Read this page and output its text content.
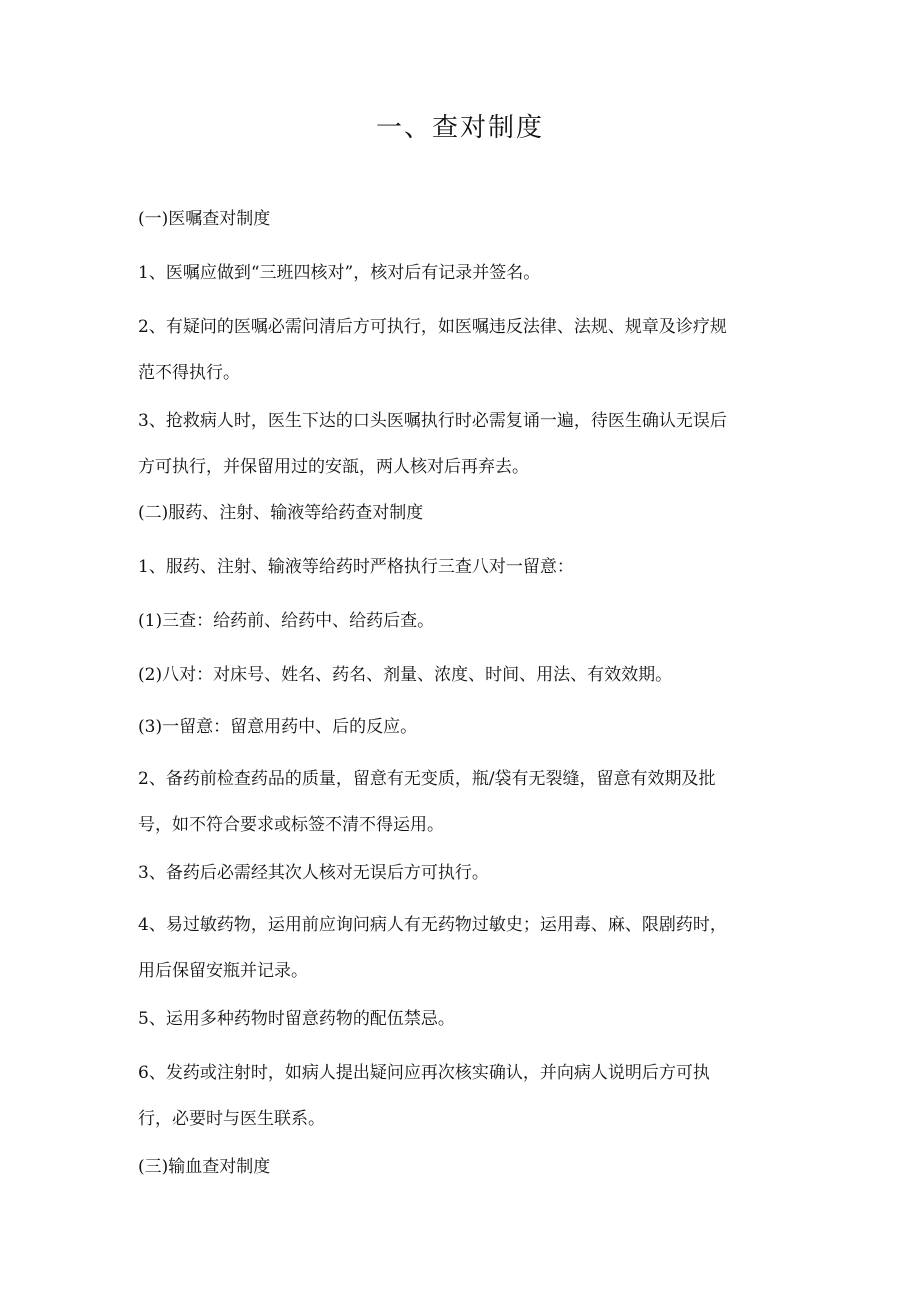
一、查对制度

(一)医嘱查对制度

1、医嘱应做到“三班四核对”，核对后有记录并签名。

2、有疑问的医嘱必需问清后方可执行，如医嘱违反法律、法规、规章及诊疗规
范不得执行。

3、抢救病人时，医生下达的口头医嘱执行时必需复诵一遍，待医生确认无误后
方可执行，并保留用过的安瓿，两人核对后再弃去。

(二)服药、注射、输液等给药查对制度

1、服药、注射、输液等给药时严格执行三查八对一留意：

(1)三查：给药前、给药中、给药后查。

(2)八对：对床号、姓名、药名、剂量、浓度、时间、用法、有效效期。

(3)一留意：留意用药中、后的反应。

2、备药前检查药品的质量，留意有无变质，瓶/袋有无裂缝，留意有效期及批
号，如不符合要求或标签不清不得运用。

3、备药后必需经其次人核对无误后方可执行。

4、易过敏药物，运用前应询问病人有无药物过敏史；运用毒、麻、限剧药时，
用后保留安瓶并记录。

5、运用多种药物时留意药物的配伍禁忌。

6、发药或注射时，如病人提出疑问应再次核实确认，并向病人说明后方可执
行，必要时与医生联系。

(三)输血查对制度
